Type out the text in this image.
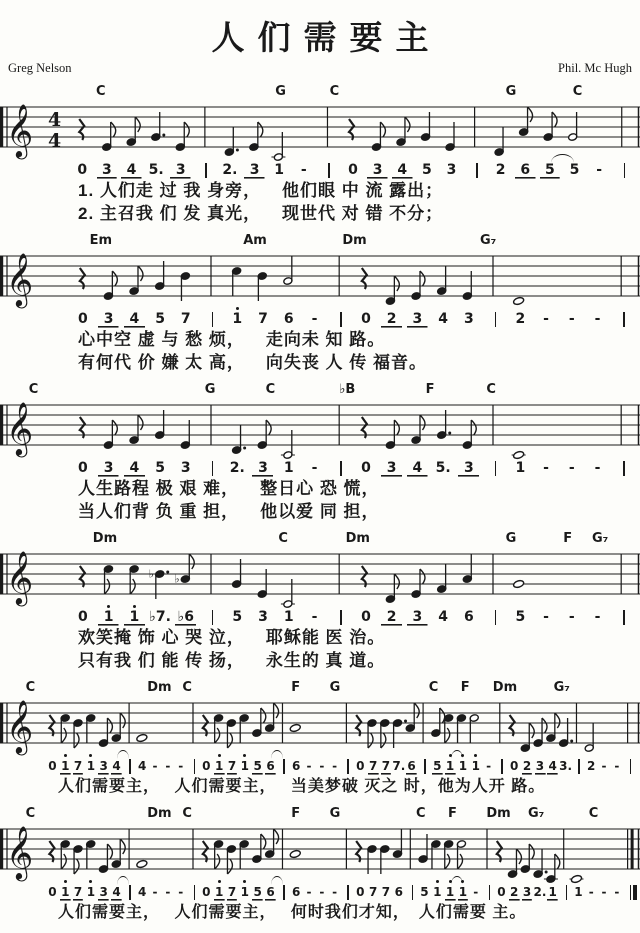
人们需要主
Greg Nelson	Phil. Mc Hugh
C	G	C	G	C
𝄞 4
4
0	3	4 5. 3	2. 3	1	-	0	3	4	5	3	2	6	5	5	-
1. 人们走 过 我 身旁，　  他们眼 中 流 露出；
2. 主召我 们 发 真光，　  现世代 对 错 不分；
Em	Am	Dm	G₇
𝄞
0	3	4	5	7	1	7	6	-	0	2	3	4	3	2	-	-	-
心中空 虚 与 愁 烦，　  走向未 知 路。
有何代 价 嫌 太 高，　  向失丧 人 传 福音。
C	G	C	♭B	F	C
𝄞
0	3	4	5	3	2. 3	1	-	0	3	4 5. 3	1	-	-	-
人生路程 极 艰 难，　  整日心 恐 慌，
当人们背 负 重 担，　  他以爱 同 担，
Dm	C	Dm	G	F G₇
𝄞	♭ ♭
0	1	1 ♭7. ♭6	5	3	1	-	0	2	3	4	6	5	-	-	-
欢笑掩 饰 心 哭 泣，　  耶稣能 医 治。
只有我 们 能 传 扬，　  永生的 真 道。
C	Dm C	F G	C F Dm	G₇
𝄞
0 1 7 1 3 4 4 - - -	0 1 7 1 5 6 6 - - -	0 7 7 7. 6 5 1 1 1 -	0 2 3 4 3. 2 - -
人们需要主，　 人们需要主，　 当美梦破 灭之 时，他为人开 路。
C	Dm C	F G	C F Dm G₇	C
𝄞
0 1 7 1 3 4 4 - - -	0 1 7 1 5 6 6 - - -	0 7 7 6 5 1 1 1 -	0 2 3 2. 1 1 - - -
人们需要主，　 人们需要主，　 何时我们才知，　人们需要 主。
